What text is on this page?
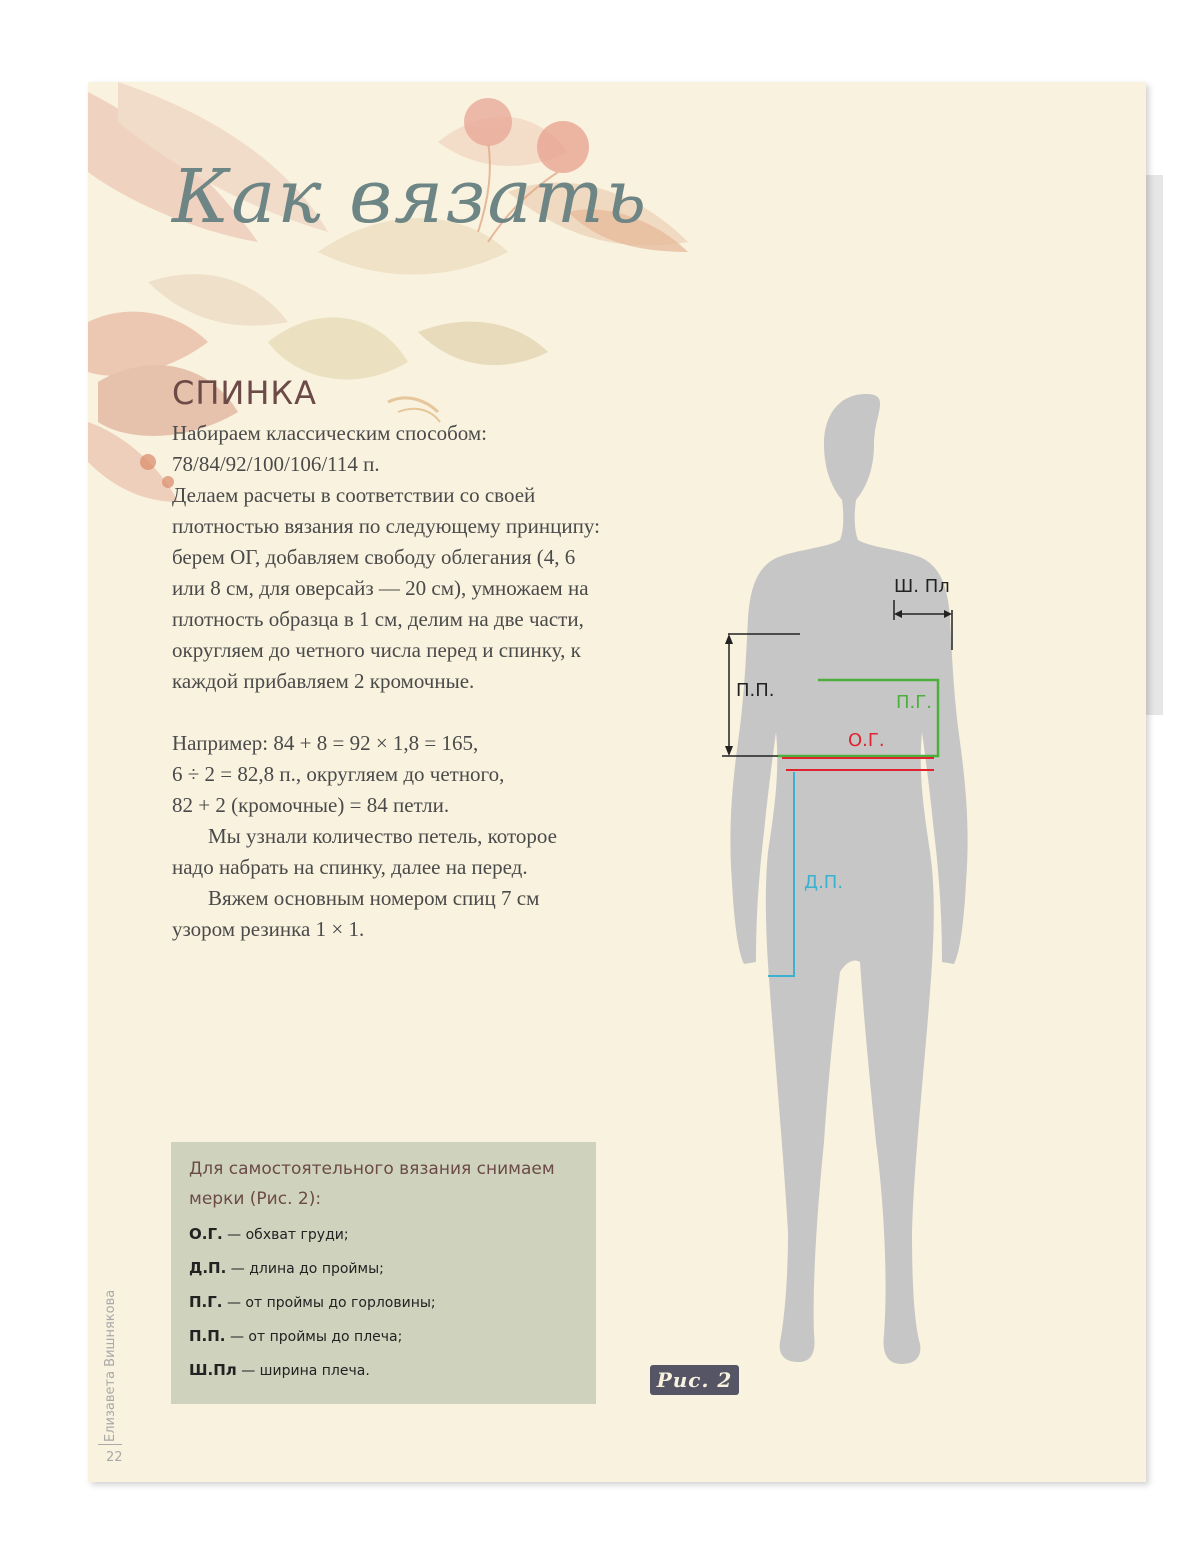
Как вязать
СПИНКА

Набираем классическим способом: 78/84/92/100/106/114 п.

Делаем расчеты в соответствии со своей плотностью вязания по следующему принципу: берем ОГ, добавляем свободу облегания (4, 6 или 8 см, для оверсайз — 20 см), умножаем на плотность образца в 1 см, делим на две части, округляем до четного числа перед и спинку, к каждой прибавляем 2 кромочные.

Например: 84 + 8 = 92 × 1,8 = 165,

6 ÷ 2 = 82,8 п., округляем до четного,

82 + 2 (кромочные) = 84 петли.

Мы узнали количество петель, которое надо набрать на спинку, далее на перед.

Вяжем основным номером спиц 7 см узором резинка 1 × 1.

Для самостоятельного вязания снимаем мерки (Рис. 2):

О.Г. — обхват груди;

Д.П. — длина до проймы;

П.Г. — от проймы до горловины;

П.П. — от проймы до плеча;

Ш.Пл — ширина плеча.

Елизавета Вишнякова
22
Ш. Пл
П.П.
П.Г.
О.Г.
Д.П.
Рис. 2
